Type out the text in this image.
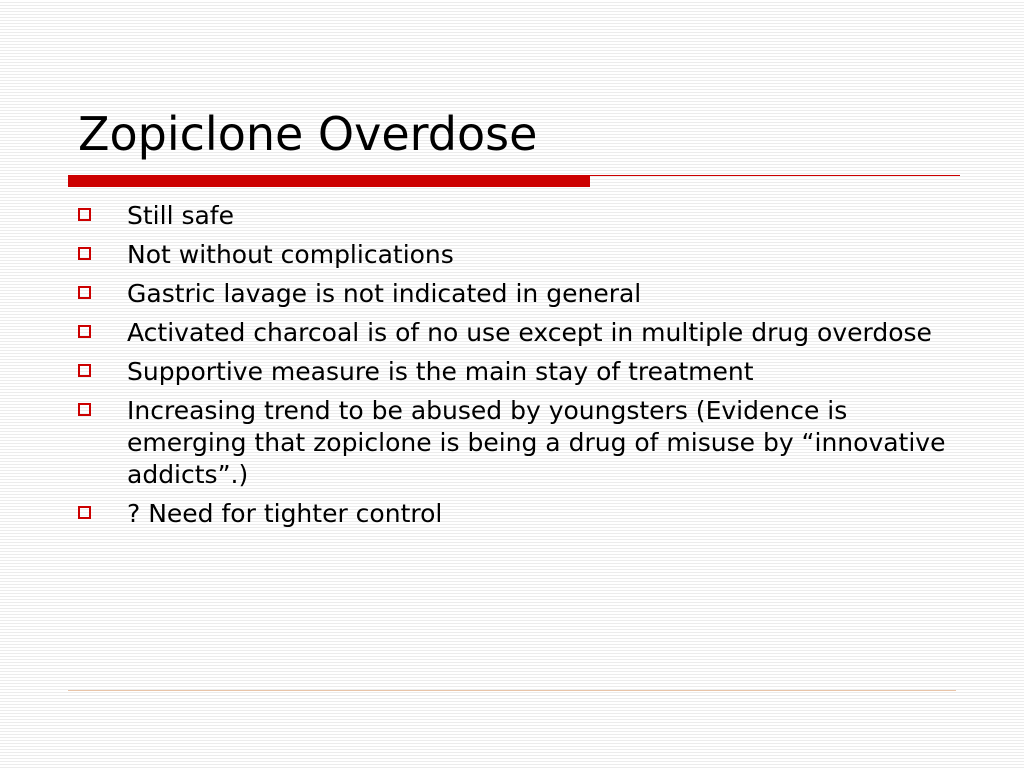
Zopiclone Overdose
Still safe
Not without complications
Gastric lavage is not indicated in general
Activated charcoal is of no use except in multiple drug overdose
Supportive measure is the main stay of treatment
Increasing trend to be abused by youngsters (Evidence is emerging that zopiclone is being a drug of misuse by “innovative addicts”.)
? Need for tighter control
